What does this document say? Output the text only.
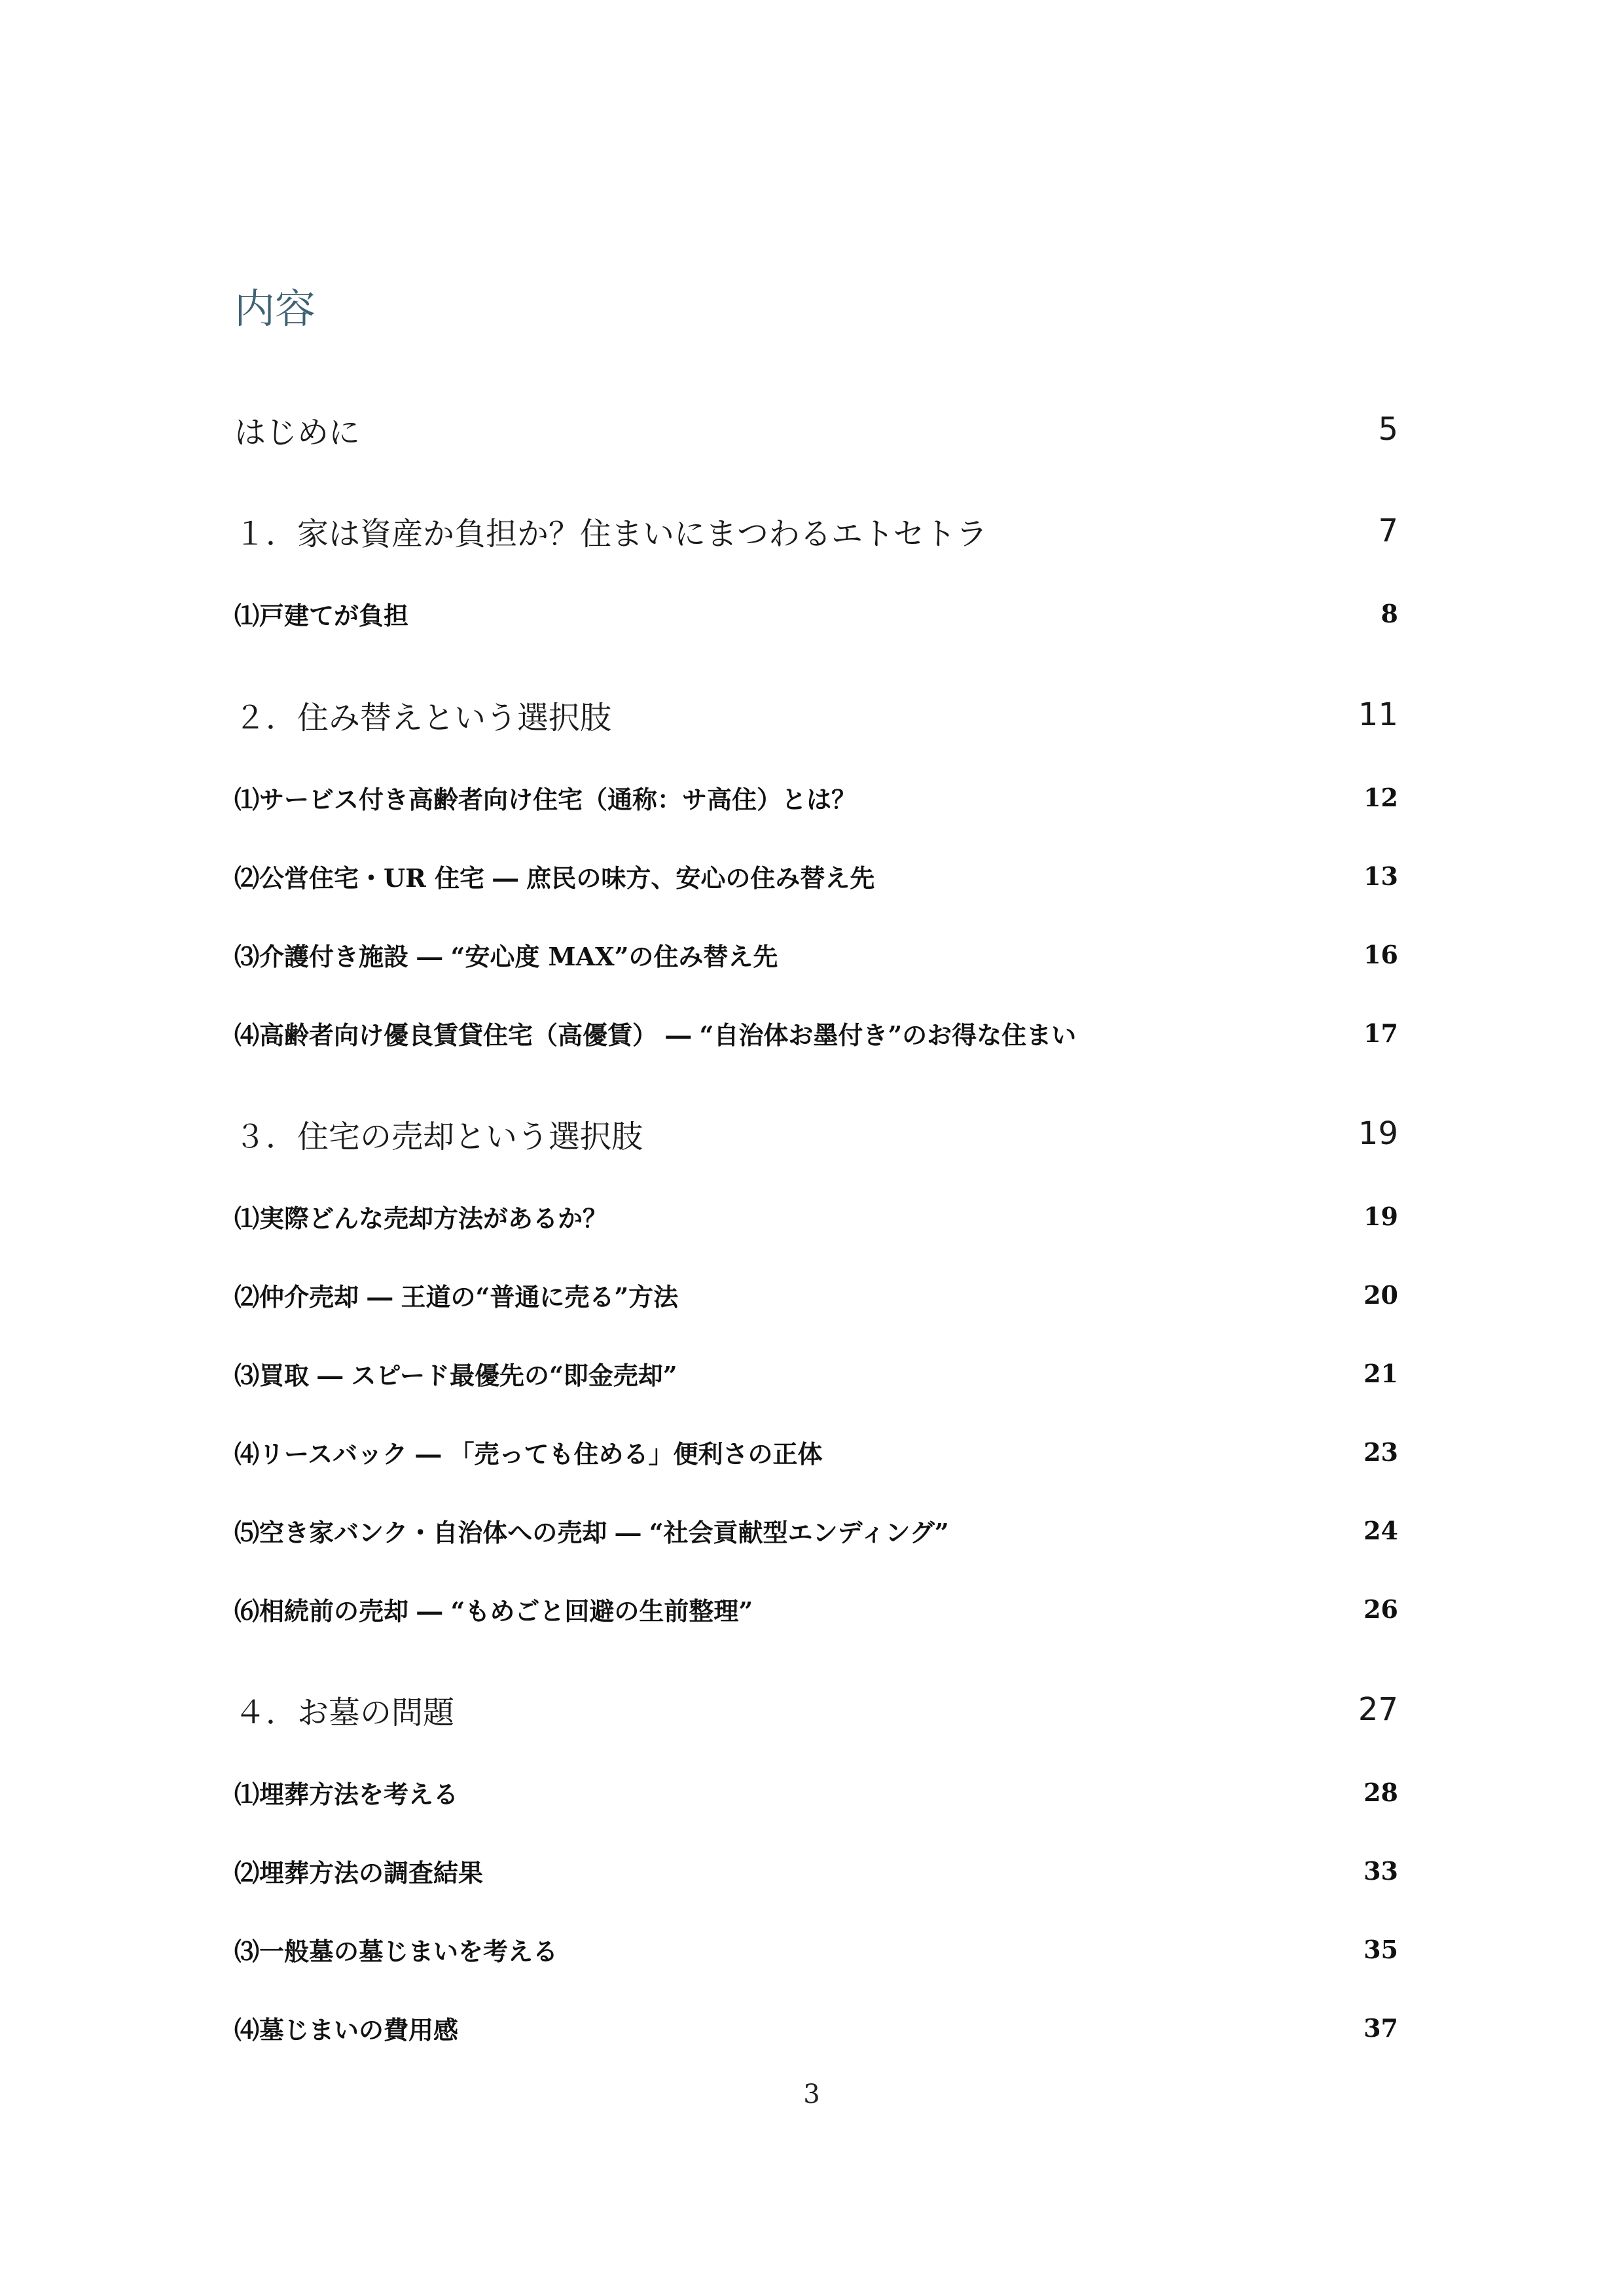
内容
はじめに	5
１．家は資産か負担か？住まいにまつわるエトセトラ	7
⑴戸建てが負担	8
２．住み替えという選択肢	11
⑴サービス付き高齢者向け住宅（通称：サ高住）とは？	12
⑵公営住宅・UR 住宅 ― 庶民の味方、安心の住み替え先	13
⑶介護付き施設 ― “安心度 MAX”の住み替え先	16
⑷高齢者向け優良賃貸住宅（高優賃） ― “自治体お墨付き”のお得な住まい	17
３．住宅の売却という選択肢	19
⑴実際どんな売却方法があるか？	19
⑵仲介売却 ― 王道の“普通に売る”方法	20
⑶買取 ― スピード最優先の“即金売却”	21
⑷リースバック ― 「売っても住める」便利さの正体	23
⑸空き家バンク・自治体への売却 ― “社会貢献型エンディング”	24
⑹相続前の売却 ― “もめごと回避の生前整理”	26
４．お墓の問題	27
⑴埋葬方法を考える	28
⑵埋葬方法の調査結果	33
⑶一般墓の墓じまいを考える	35
⑷墓じまいの費用感	37
3
